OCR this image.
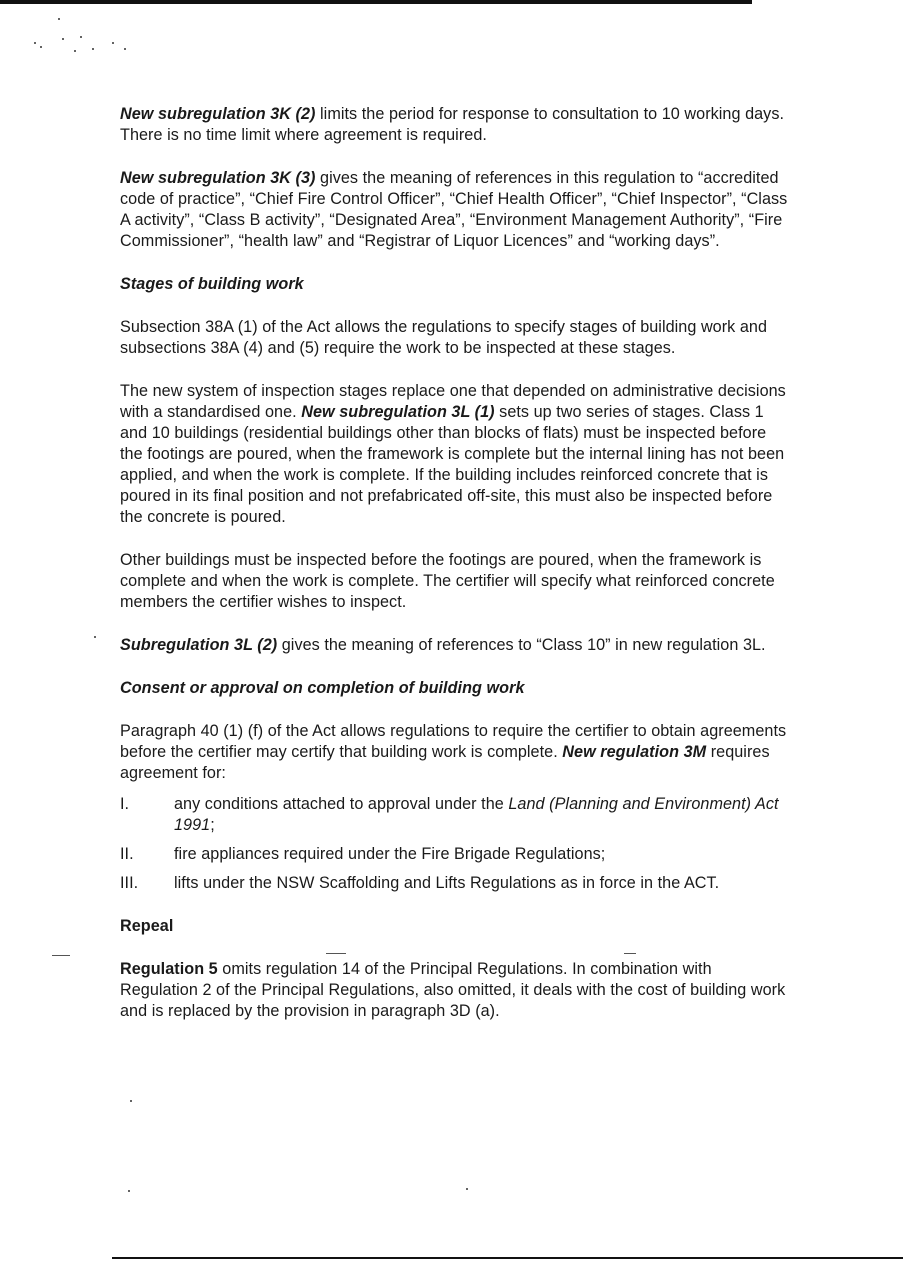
New subregulation 3K (2) limits the period for response to consultation to 10 working days. There is no time limit where agreement is required.

New subregulation 3K (3) gives the meaning of references in this regulation to “accredited code of practice”, “Chief Fire Control Officer”, “Chief Health Officer”, “Chief Inspector”, “Class A activity”, “Class B activity”, “Designated Area”, “Environment Management Authority”, “Fire Commissioner”, “health law” and “Registrar of Liquor Licences” and “working days”.

Stages of building work

Subsection 38A (1) of the Act allows the regulations to specify stages of building work and subsections 38A (4) and (5) require the work to be inspected at these stages.

The new system of inspection stages replace one that depended on administrative decisions with a standardised one. New subregulation 3L (1) sets up two series of stages. Class 1 and 10 buildings (residential buildings other than blocks of flats) must be inspected before the footings are poured, when the framework is complete but the internal lining has not been applied, and when the work is complete. If the building includes reinforced concrete that is poured in its final position and not prefabricated off-site, this must also be inspected before the concrete is poured.

Other buildings must be inspected before the footings are poured, when the framework is complete and when the work is complete. The certifier will specify what reinforced concrete members the certifier wishes to inspect.

Subregulation 3L (2) gives the meaning of references to “Class 10” in new regulation 3L.

Consent or approval on completion of building work

Paragraph 40 (1) (f) of the Act allows regulations to require the certifier to obtain agreements before the certifier may certify that building work is complete. New regulation 3M requires agreement for:

I.	any conditions attached to approval under the Land (Planning and Environment) Act 1991;
II.	fire appliances required under the Fire Brigade Regulations;
III.	lifts under the NSW Scaffolding and Lifts Regulations as in force in the ACT.
Repeal

Regulation 5 omits regulation 14 of the Principal Regulations. In combination with Regulation 2 of the Principal Regulations, also omitted, it deals with the cost of building work and is replaced by the provision in paragraph 3D (a).
